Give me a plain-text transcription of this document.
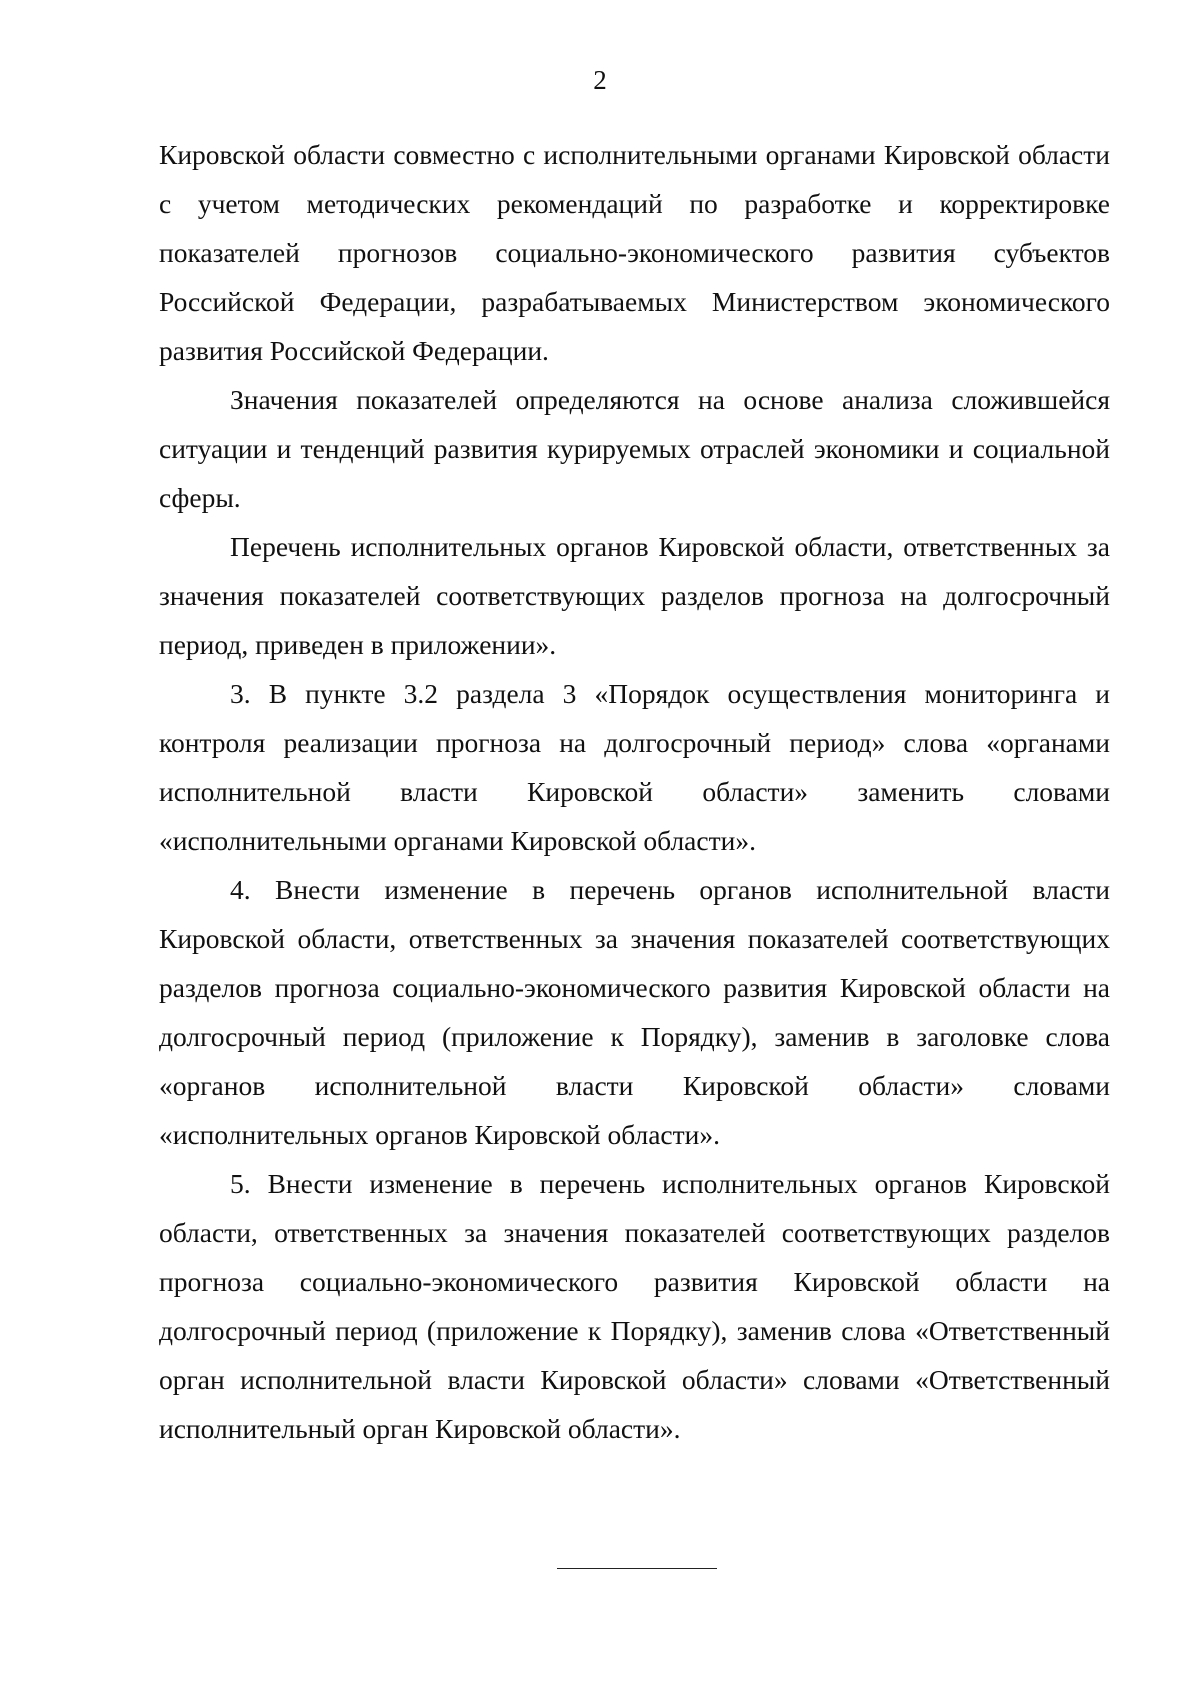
2

Кировской области совместно с исполнительными органами Кировской области с учетом методических рекомендаций по разработке и корректировке показателей прогнозов социально-экономического развития субъектов Российской Федерации, разрабатываемых Министерством экономического развития Российской Федерации.

Значения показателей определяются на основе анализа сложившейся ситуации и тенденций развития курируемых отраслей экономики и социальной сферы.

Перечень исполнительных органов Кировской области, ответственных за значения показателей соответствующих разделов прогноза на долгосрочный период, приведен в приложении».

3. В пункте 3.2 раздела 3 «Порядок осуществления мониторинга и контроля реализации прогноза на долгосрочный период» слова «органами исполнительной власти Кировской области» заменить словами «исполнительными органами Кировской области».

4. Внести изменение в перечень органов исполнительной власти Кировской области, ответственных за значения показателей соответствующих разделов прогноза социально-экономического развития Кировской области на долгосрочный период (приложение к Порядку), заменив в заголовке слова «органов исполнительной власти Кировской области» словами «исполнительных органов Кировской области».

5. Внести изменение в перечень исполнительных органов Кировской области, ответственных за значения показателей соответствующих разделов прогноза социально-экономического развития Кировской области на долгосрочный период (приложение к Порядку), заменив слова «Ответственный орган исполнительной власти Кировской области» словами «Ответственный исполнительный орган Кировской области».
